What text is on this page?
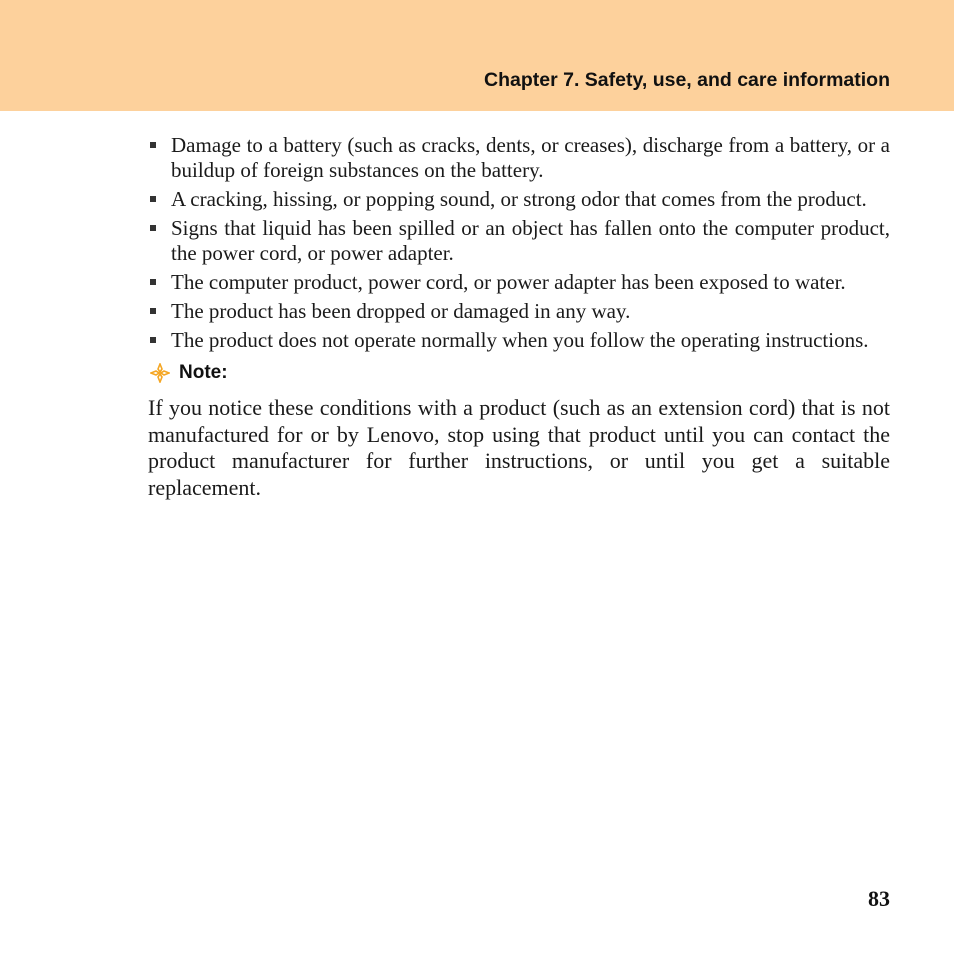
Chapter 7. Safety, use, and care information
Damage to a battery (such as cracks, dents, or creases), discharge from a battery, or a buildup of foreign substances on the battery.
A cracking, hissing, or popping sound, or strong odor that comes from the product.
Signs that liquid has been spilled or an object has fallen onto the computer product, the power cord, or power adapter.
The computer product, power cord, or power adapter has been exposed to water.
The product has been dropped or damaged in any way.
The product does not operate normally when you follow the operating instructions.
Note:

If you notice these conditions with a product (such as an extension cord) that is not manufactured for or by Lenovo, stop using that product until you can contact the product manufacturer for further instructions, or until you get a suitable replacement.

83
